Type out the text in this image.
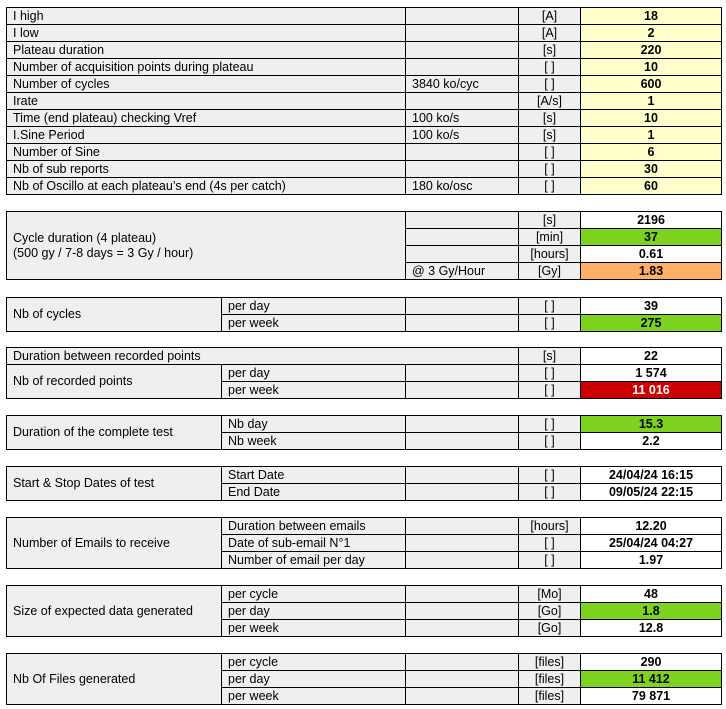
I high		[A]	18
I low		[A]	2
Plateau duration		[s]	220
Number of acquisition points during plateau		[ ]	10
Number of cycles	3840 ko/cyc	[ ]	600
Irate		[A/s]	1
Time (end plateau) checking Vref	100 ko/s	[s]	10
I.Sine Period	100 ko/s	[s]	1
Number of Sine		[ ]	6
Nb of sub reports		[ ]	30
Nb of Oscillo at each plateau’s end (4s per catch)	180 ko/osc	[ ]	60
Cycle duration (4 plateau)
(500 gy / 7-8 days = 3 Gy / hour)		[s]	2196
		[min]	37
		[hours]	0.61
	@ 3 Gy/Hour	[Gy]	1.83
Nb of cycles	per day		[ ]	39
	per week		[ ]	275
Duration between recorded points			[s]	22
Nb of recorded points	per day		[ ]	1 574
	per week		[ ]	11 016
Duration of the complete test	Nb day		[ ]	15.3
	Nb week		[ ]	2.2
Start & Stop Dates of test	Start Date		[ ]	24/04/24 16:15
	End Date		[ ]	09/05/24 22:15
Number of Emails to receive	Duration between emails		[hours]	12.20
	Date of sub-email N°1		[ ]	25/04/24 04:27
	Number of email per day		[ ]	1.97
Size of expected data generated	per cycle		[Mo]	48
	per day		[Go]	1.8
	per week		[Go]	12.8
Nb Of Files generated	per cycle		[files]	290
	per day		[files]	11 412
	per week		[files]	79 871
